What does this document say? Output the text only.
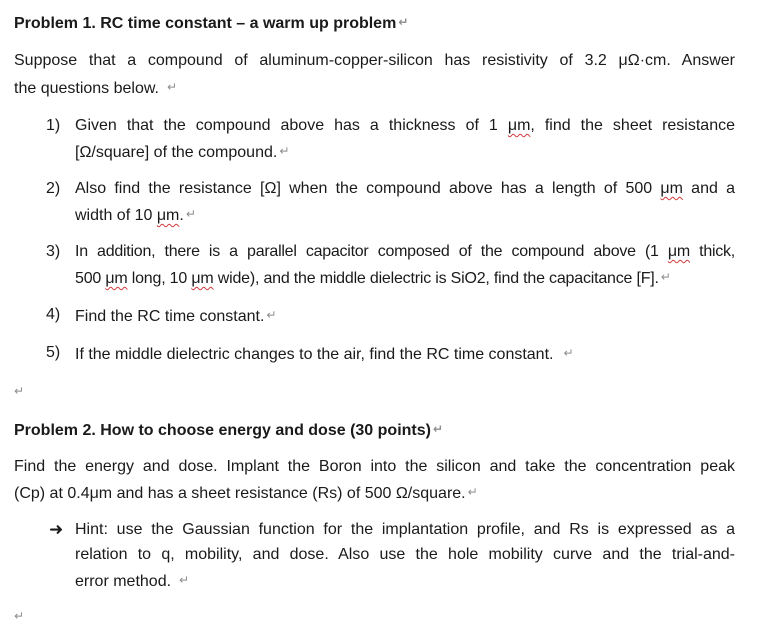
Problem 1. RC time constant – a warm up problem ↵
Suppose that a compound of aluminum-copper-silicon has resistivity of 3.2 μΩ·cm. Answer
the questions below. ↵
1) Given that the compound above has a thickness of 1 μm, find the sheet resistance
[Ω/square] of the compound. ↵
2) Also find the resistance [Ω] when the compound above has a length of 500 μm and a
width of 10 μm. ↵
3) In addition, there is a parallel capacitor composed of the compound above (1 μm thick,
500 μm long, 10 μm wide), and the middle dielectric is SiO2, find the capacitance [F]. ↵
4) Find the RC time constant. ↵
5) If the middle dielectric changes to the air, find the RC time constant. ↵
↵
Problem 2. How to choose energy and dose (30 points) ↵
Find the energy and dose. Implant the Boron into the silicon and take the concentration peak
(Cp) at 0.4μm and has a sheet resistance (Rs) of 500 Ω/square. ↵
➜ Hint: use the Gaussian function for the implantation profile, and Rs is expressed as a
relation to q, mobility, and dose. Also use the hole mobility curve and the trial-and-
error method. ↵
↵
